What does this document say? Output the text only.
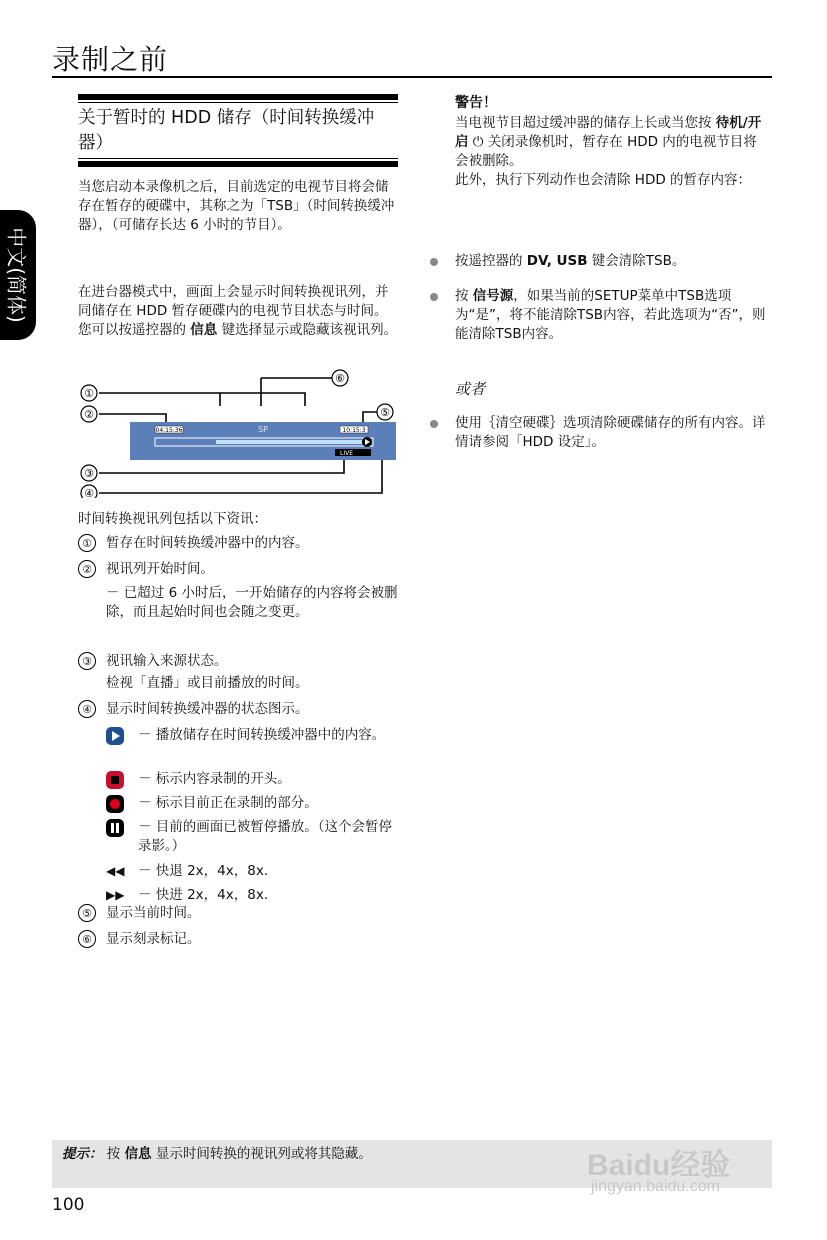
录制之前
中文(简体)
关于暂时的 HDD 储存（时间转换缓冲器）
当您启动本录像机之后，目前选定的电视节目将会储存在暂存的硬碟中，其称之为「TSB」（时间转换缓冲器），（可储存长达 6 小时的节目）。
在进台器模式中，画面上会显示时间转换视讯列，并同储存在 HDD 暂存硬碟内的电视节目状态与时间。您可以按遥控器的 信息 键选择显示或隐藏该视讯列。
①
②
③
④
⑤
⑥
04:15:36	SP	10:15:3
LIVE
时间转换视讯列包括以下资讯：
①	暂存在时间转换缓冲器中的内容。
②	视讯列开始时间。
－ 已超过 6 小时后，一开始储存的内容将会被删除，而且起始时间也会随之变更。
③	视讯输入来源状态。
检视「直播」或目前播放的时间。
④	显示时间转换缓冲器的状态图示。
－ 播放储存在时间转换缓冲器中的内容。
－ 标示内容录制的开头。
－ 标示目前正在录制的部分。
－ 目前的画面已被暂停播放。（这个会暂停录影。）
◀◀ － 快退 2x，4x，8x.
▶▶ － 快进 2x，4x，8x.
⑤	显示当前时间。
⑥	显示刻录标记。
警告！
当电视节目超过缓冲器的储存上长或当您按 待机/开启 ⏻ 关闭录像机时，暂存在 HDD 内的电视节目将会被删除。
此外，执行下列动作也会清除 HDD 的暂存内容：
按遥控器的 DV, USB 键会清除TSB。
按 信号源，如果当前的SETUP菜单中TSB选项为“是”，将不能清除TSB内容，若此选项为“否”，则能清除TSB内容。
或者
使用｛清空硬碟｝选项清除硬碟储存的所有内容。详情请参阅「HDD 设定」。
提示： 按 信息 显示时间转换的视讯列或将其隐藏。
100
Baidu经验
jingyan.baidu.com
